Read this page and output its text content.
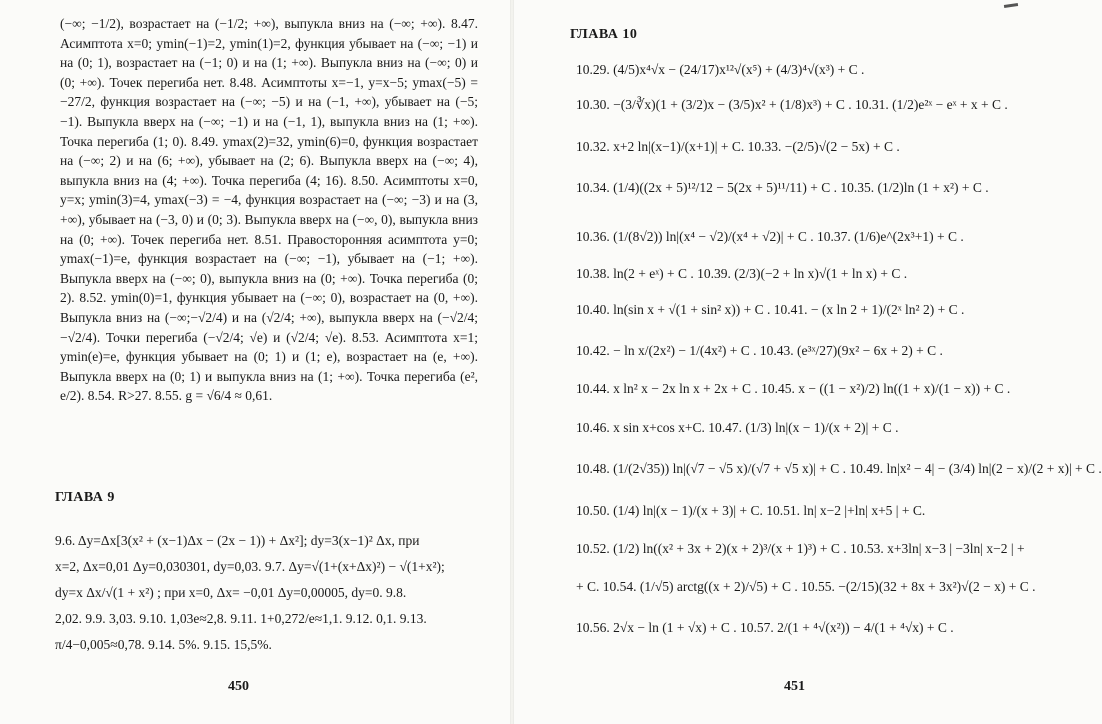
(−∞; −1/2), возрастает на (−1/2; +∞), выпукла вниз на (−∞; +∞). 8.47. Асимптота x=0; ymin(−1)=2, ymin(1)=2, функция убывает на (−∞; −1) и на (0; 1), возрастает на (−1; 0) и на (1; +∞). Выпукла вниз на (−∞; 0) и (0; +∞). Точек перегиба нет. 8.48. Асимптоты x=−1, y=x−5; ymax(−5) = −27/2, функция возрастает на (−∞; −5) и на (−1, +∞), убывает на (−5; −1). Выпукла вверх на (−∞; −1) и на (−1, 1), выпукла вниз на (1; +∞). Точка перегиба (1; 0). 8.49. ymax(2)=32, ymin(6)=0, функция возрастает на (−∞; 2) и на (6; +∞), убывает на (2; 6). Выпукла вверх на (−∞; 4), выпукла вниз на (4; +∞). Точка перегиба (4; 16). 8.50. Асимптоты x=0, y=x; ymin(3)=4, ymax(−3) = −4, функция возрастает на (−∞; −3) и на (3, +∞), убывает на (−3, 0) и (0; 3). Выпукла вверх на (−∞, 0), выпукла вниз на (0; +∞). Точек перегиба нет. 8.51. Правосторонняя асимптота y=0; ymax(−1)=e, функция возрастает на (−∞; −1), убывает на (−1; +∞). Выпукла вверх на (−∞; 0), выпукла вниз на (0; +∞). Точка перегиба (0; 2). 8.52. ymin(0)=1, функция убывает на (−∞; 0), возрастает на (0, +∞). Выпукла вниз на (−∞;−√2/4) и на (√2/4; +∞), выпукла вверх на (−√2/4; −√2/4). Точки перегиба (−√2/4; √e) и (√2/4; √e). 8.53. Асимптота x=1; ymin(e)=e, функция убывает на (0; 1) и (1; e), возрастает на (e, +∞). Выпукла вверх на (0; 1) и выпукла вниз на (1; +∞). Точка перегиба (e², e/2). 8.54. R>27. 8.55. g = √6/4 ≈ 0,61.

ГЛАВА 9
9.6. Δy=Δx[3(x² + (x−1)Δx − (2x − 1)) + Δx²]; dy=3(x−1)² Δx, при
x=2, Δx=0,01 Δy=0,030301, dy=0,03. 9.7. Δy=√(1+(x+Δx)²) − √(1+x²);
dy=x Δx/√(1 + x²) ; при x=0, Δx= −0,01 Δy=0,00005, dy=0. 9.8.
2,02. 9.9. 3,03. 9.10. 1,03e≈2,8. 9.11. 1+0,272/e≈1,1. 9.12. 0,1. 9.13.
π/4−0,005≈0,78. 9.14. 5%. 9.15. 15,5%.
450
ГЛАВА 10
10.29. (4/5)x⁴√x − (24/17)x¹²√(x⁵) + (4/3)⁴√(x³) + C .
10.30. −(3/∛x)(1 + (3/2)x − (3/5)x² + (1/8)x³) + C . 10.31. (1/2)e²ˣ − eˣ + x + C .
10.32. x+2 ln|(x−1)/(x+1)| + C. 10.33. −(2/5)√(2 − 5x) + C .
10.34. (1/4)((2x + 5)¹²/12 − 5(2x + 5)¹¹/11) + C . 10.35. (1/2)ln (1 + x²) + C .
10.36. (1/(8√2)) ln|(x⁴ − √2)/(x⁴ + √2)| + C . 10.37. (1/6)e^(2x³+1) + C .
10.38. ln(2 + eˣ) + C . 10.39. (2/3)(−2 + ln x)√(1 + ln x) + C .
10.40. ln(sin x + √(1 + sin² x)) + C . 10.41. − (x ln 2 + 1)/(2ˣ ln² 2) + C .
10.42. − ln x/(2x²) − 1/(4x²) + C . 10.43. (e³ˣ/27)(9x² − 6x + 2) + C .
10.44. x ln² x − 2x ln x + 2x + C . 10.45. x − ((1 − x²)/2) ln((1 + x)/(1 − x)) + C .
10.46. x sin x+cos x+C. 10.47. (1/3) ln|(x − 1)/(x + 2)| + C .
10.48. (1/(2√35)) ln|(√7 − √5 x)/(√7 + √5 x)| + C . 10.49. ln|x² − 4| − (3/4) ln|(2 − x)/(2 + x)| + C .
10.50. (1/4) ln|(x − 1)/(x + 3)| + C. 10.51. ln| x−2 |+ln| x+5 | + C.
10.52. (1/2) ln((x² + 3x + 2)(x + 2)³/(x + 1)³) + C . 10.53. x+3ln| x−3 | −3ln| x−2 | +
+ C. 10.54. (1/√5) arctg((x + 2)/√5) + C . 10.55. −(2/15)(32 + 8x + 3x²)√(2 − x) + C .
10.56. 2√x − ln (1 + √x) + C . 10.57. 2/(1 + ⁴√(x²)) − 4/(1 + ⁴√x) + C .
451
